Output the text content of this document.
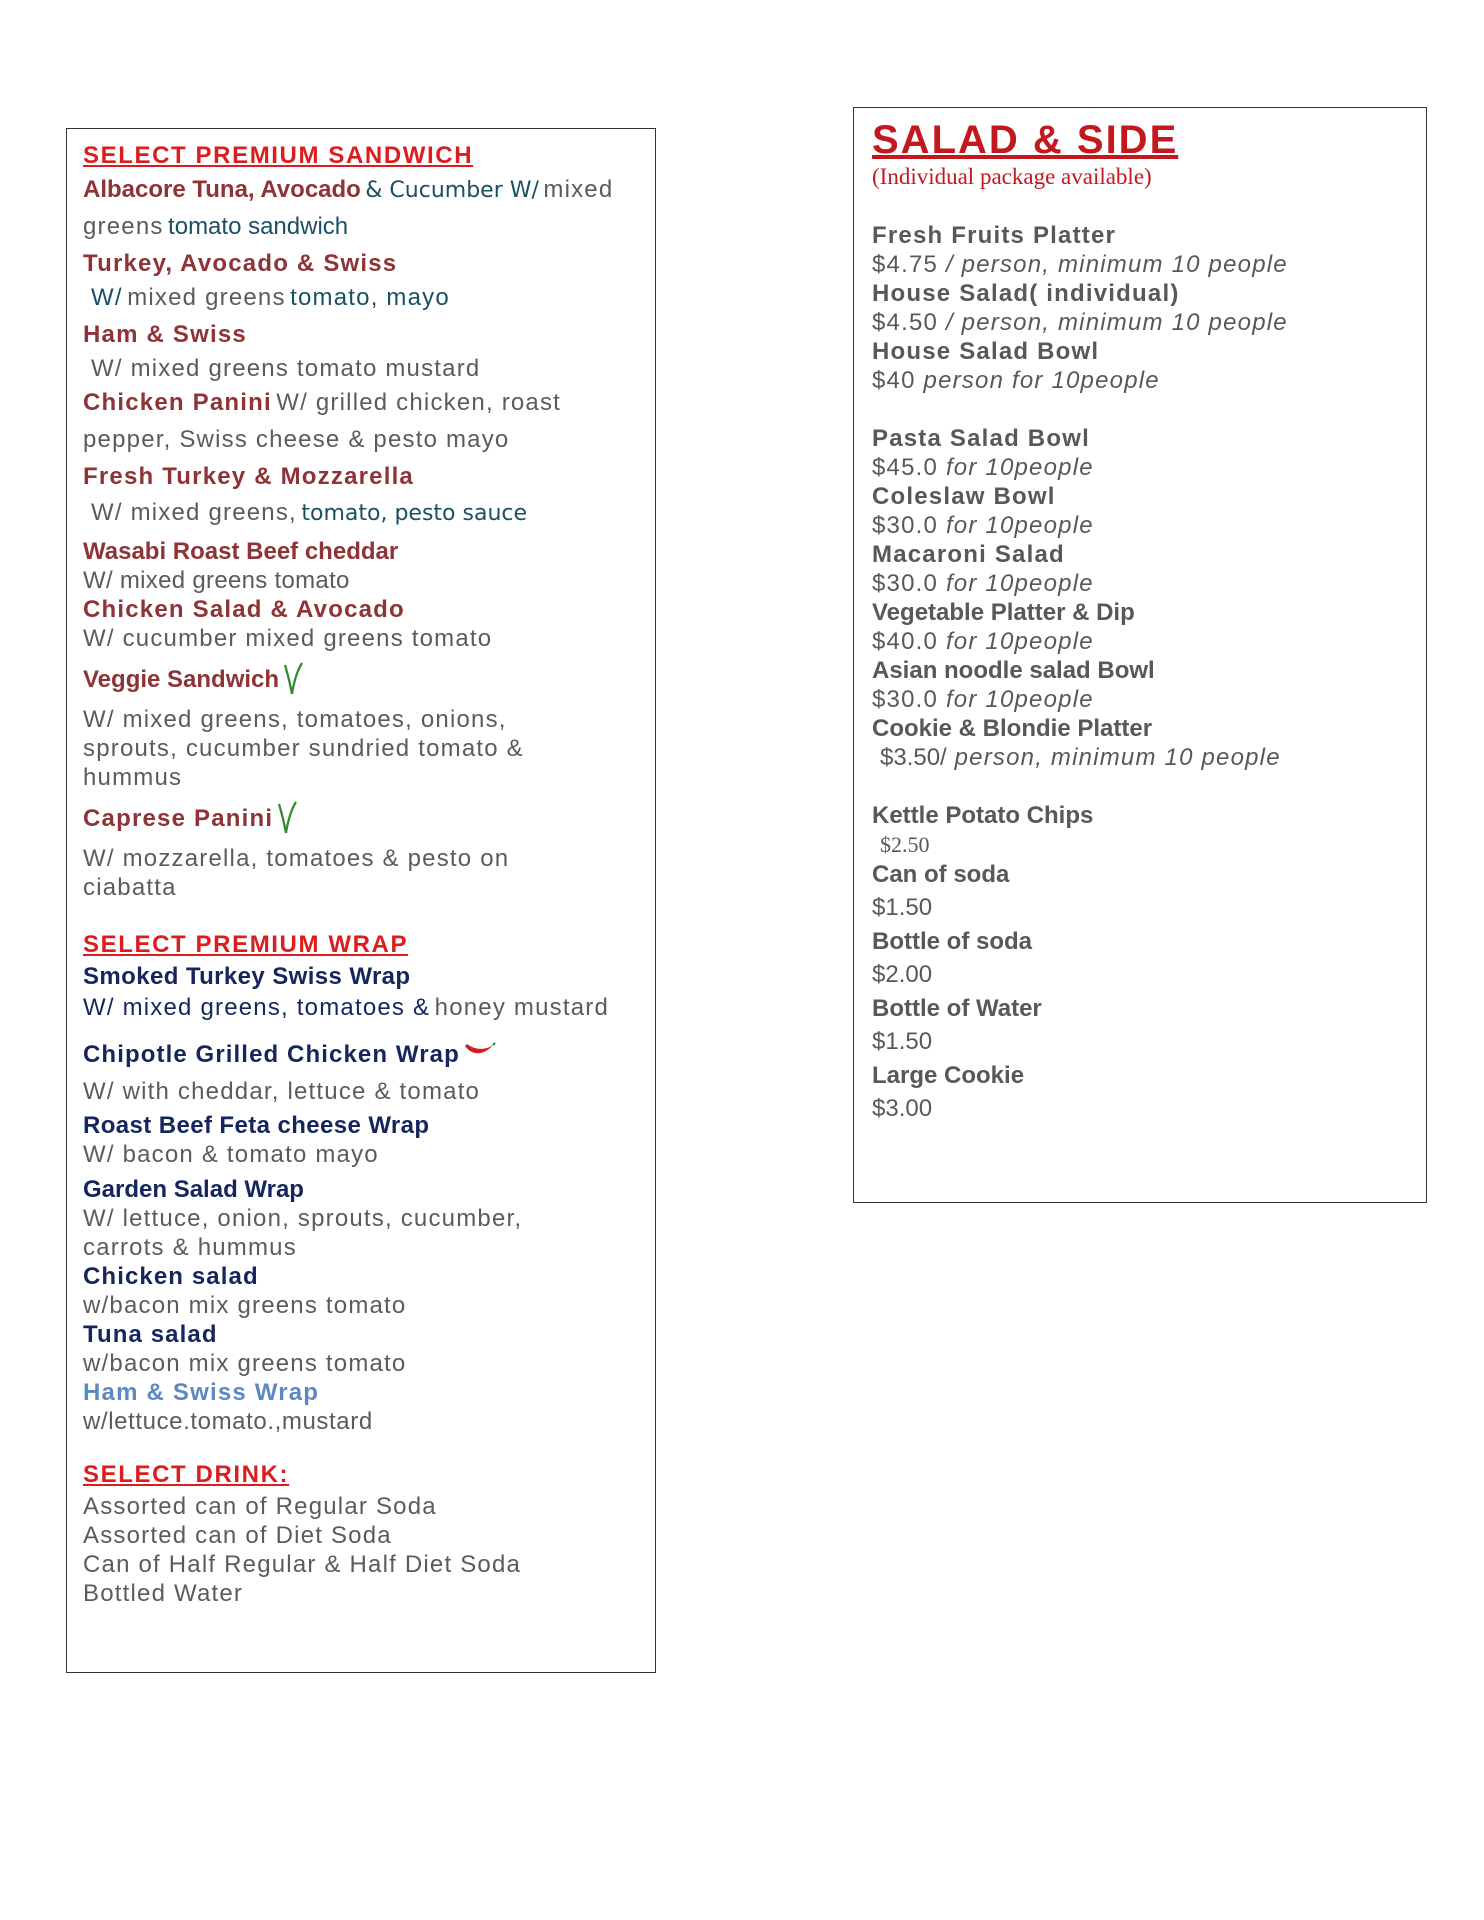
SELECT PREMIUM SANDWICH
Albacore Tuna, Avocado & Cucumber W/ mixed greens tomato sandwich
Turkey, Avocado & Swiss
W/ mixed greens tomato, mayo
Ham & Swiss
W/ mixed greens tomato mustard
Chicken Panini W/ grilled chicken, roast pepper, Swiss cheese & pesto mayo
Fresh Turkey & Mozzarella
W/ mixed greens, tomato, pesto sauce
Wasabi Roast Beef cheddar
W/ mixed greens tomato
Chicken Salad & Avocado
W/ cucumber mixed greens tomato
Veggie Sandwich
W/ mixed greens, tomatoes, onions, sprouts, cucumber sundried tomato & hummus
Caprese Panini
W/ mozzarella, tomatoes & pesto on ciabatta
SELECT PREMIUM WRAP
Smoked Turkey Swiss Wrap
W/ mixed greens, tomatoes & honey mustard
Chipotle Grilled Chicken Wrap
W/ with cheddar, lettuce & tomato
Roast Beef Feta cheese Wrap
W/ bacon & tomato mayo
Garden Salad Wrap
W/ lettuce, onion, sprouts, cucumber, carrots & hummus
Chicken salad
w/bacon mix greens tomato
Tuna salad
w/bacon mix greens tomato
Ham & Swiss Wrap
w/lettuce.tomato.,mustard
SELECT DRINK:
Assorted can of Regular Soda
Assorted can of Diet Soda
Can of Half Regular & Half Diet Soda
Bottled Water
SALAD & SIDE
(Individual package available)
Fresh Fruits Platter
$4.75 / person, minimum 10 people
House Salad( individual)
$4.50 / person, minimum 10 people
House Salad Bowl
$40 person for 10people
Pasta Salad Bowl
$45.0 for 10people
Coleslaw Bowl
$30.0 for 10people
Macaroni Salad
$30.0 for 10people
Vegetable Platter & Dip
$40.0 for 10people
Asian noodle salad Bowl
$30.0 for 10people
Cookie & Blondie Platter
$3.50/ person, minimum 10 people
Kettle Potato Chips
$2.50
Can of soda
$1.50
Bottle of soda
$2.00
Bottle of Water
$1.50
Large Cookie
$3.00
